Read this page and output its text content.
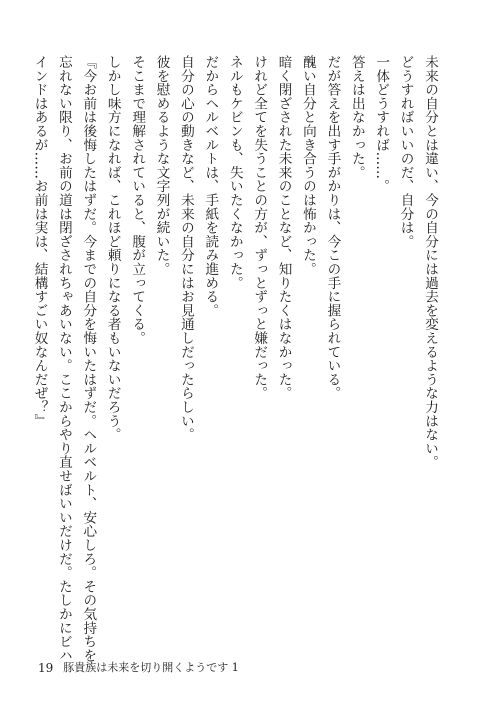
未来の自分とは違い、今の自分には過去を変えるような力はない。

どうすればいいのだ、自分は。

一体どうすれば……。

答えは出なかった。

だが答えを出す手がかりは、今この手に握られている。

醜い自分と向き合うのは怖かった。

暗く閉ざされた未来のことなど、知りたくはなかった。

けれど全てを失うことの方が、ずっとずっと嫌だった。

ネルもケビンも、失いたくなかった。

だからヘルベルトは、手紙を読み進める。

自分の心の動きなど、未来の自分にはお見通しだったらしい。

彼を慰めるような文字列が続いた。

そこまで理解されていると、腹が立ってくる。

しかし味方になれば、これほど頼りになる者もいないだろう。

『今お前は後悔したはずだ。今までの自分を悔いたはずだ。ヘルベルト、安心しろ。その気持ちを

忘れない限り、お前の道は閉ざされちゃあいない。ここからやり直せばいいだけだ。たしかにビハ

インドはあるが……お前は実は、結構すごい奴なんだぜ？』

19 豚貴族は未来を切り開くようです 1
